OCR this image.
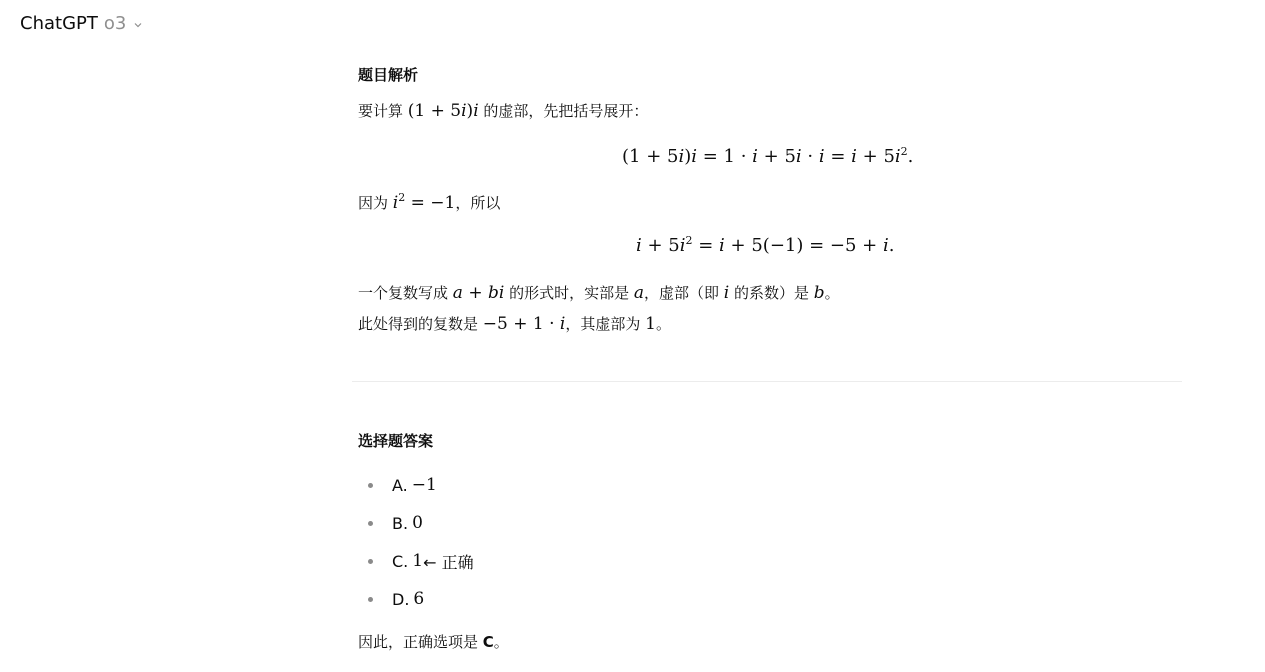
ChatGPT o3
题目解析
要计算 (1 + 5i)i 的虚部，先把括号展开：
$(1 + 5i)i = 1 \cdot i + 5i \cdot i = i + 5i^2$.
因为 $i^2 = -1$，所以
$i + 5i^2 = i + 5(-1) = -5 + i$.
一个复数写成 a + bi 的形式时，实部是 a，虚部（即 i 的系数）是 b。
此处得到的复数是 −5 + 1 · i，其虚部为 1。
选择题答案
A. −1
B. 0
C. 1 ← 正确
D. 6
因此，正确选项是 C。
